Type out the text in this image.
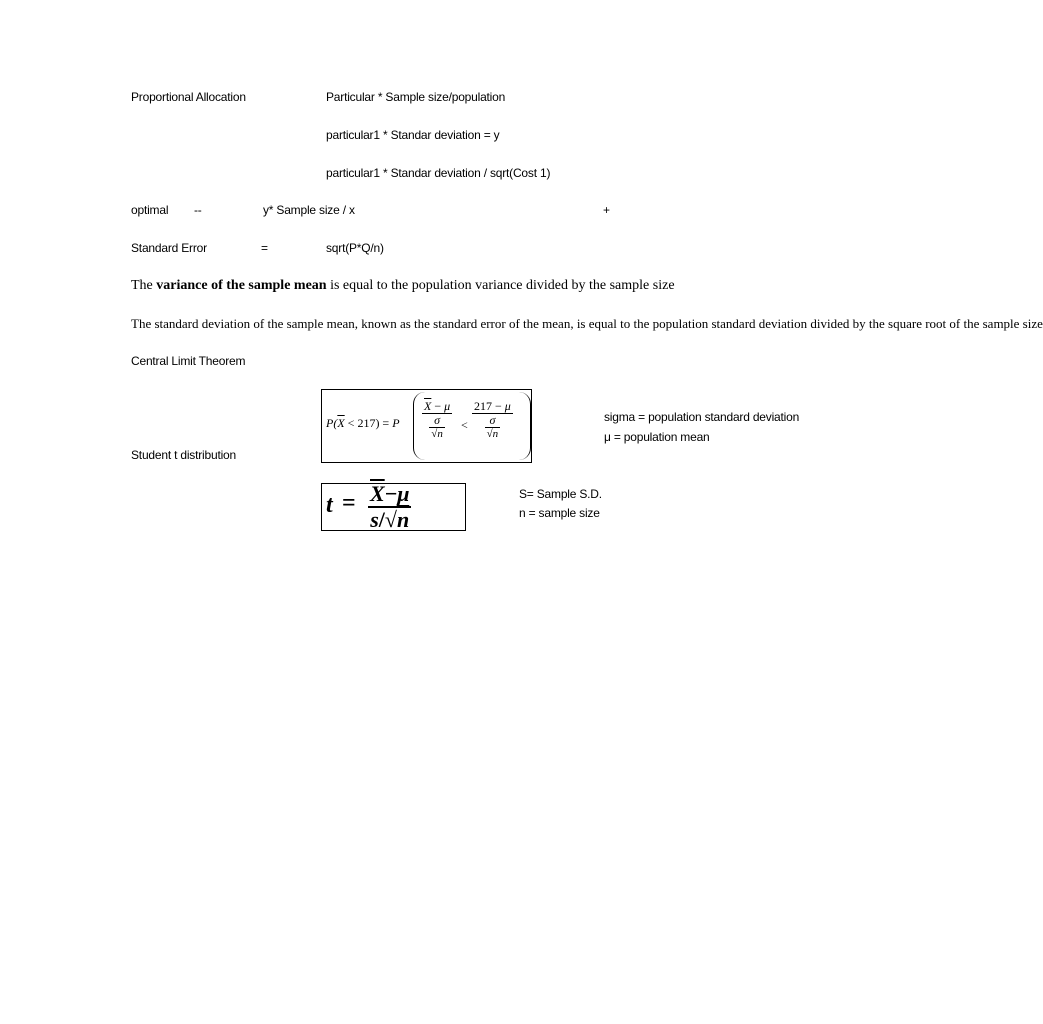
Proportional Allocation	Particular * Sample size/population
particular1 * Standar deviation = y
particular1 * Standar deviation / sqrt(Cost 1)
optimal --	y* Sample size / x	+
Standard Error	=	sqrt(P*Q/n)
The variance of the sample mean is equal to the population variance divided by the sample size
The standard deviation of the sample mean, known as the standard error of the mean, is equal to the population standard deviation divided by the square root of the sample size
Central Limit Theorem
$P(\overline{X} < 217) = P$
$\overline{X} - \mu$
σ
√n
<
217 − μ
σ
√n
sigma = population standard deviation
μ = population mean
Student t distribution
$t = \frac{\overline{X}-\mu}{s/√n}$	S= Sample S.D.
n = sample size
